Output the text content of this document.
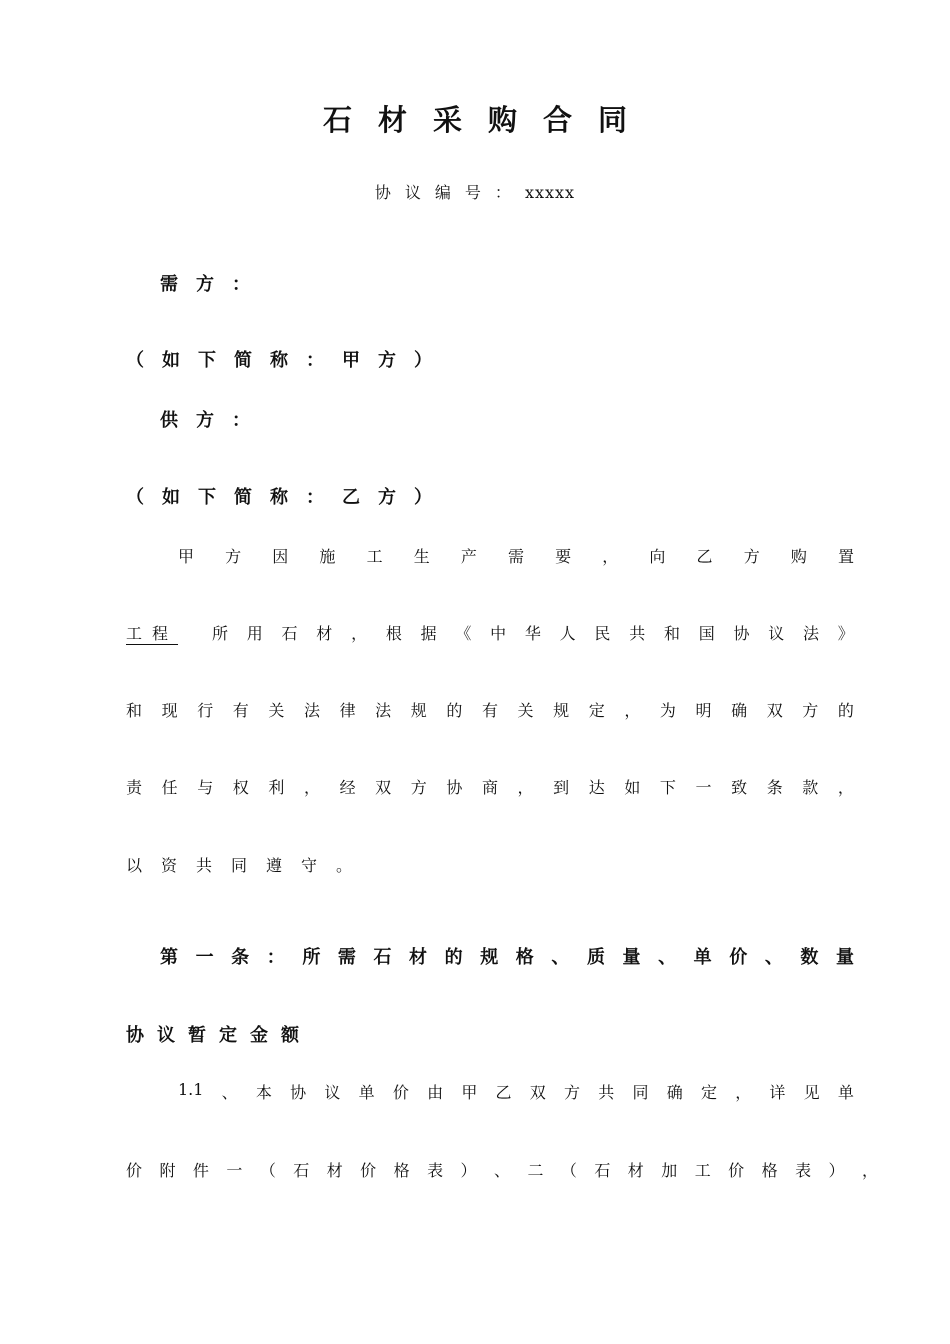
石材采购合同
协议编号：xxxxx
需方：
（如下简称：甲方）
供方：
（如下简称：乙方）
甲 方 因 施 工 生 产 需 要 ， 向 乙 方 购 置
工程	所 用 石 材 ， 根 据 《 中 华 人 民 共 和 国 协 议 法 》
和 现 行 有 关 法 律 法 规 的 有 关 规 定 ， 为 明 确 双 方 的
责 任 与 权 利 ， 经 双 方 协 商 ， 到 达 如 下 一 致 条 款 ，
以资共同遵守。
第 一 条 ： 所 需 石 材 的 规 格 、 质 量 、 单 价 、 数 量
协议暂定金额
1.1 、 本 协 议 单 价 由 甲 乙 双 方 共 同 确 定 ， 详 见 单
价 附 件 一 （ 石 材 价 格 表 ） 、 二 （ 石 材 加 工 价 格 表 ） ，
